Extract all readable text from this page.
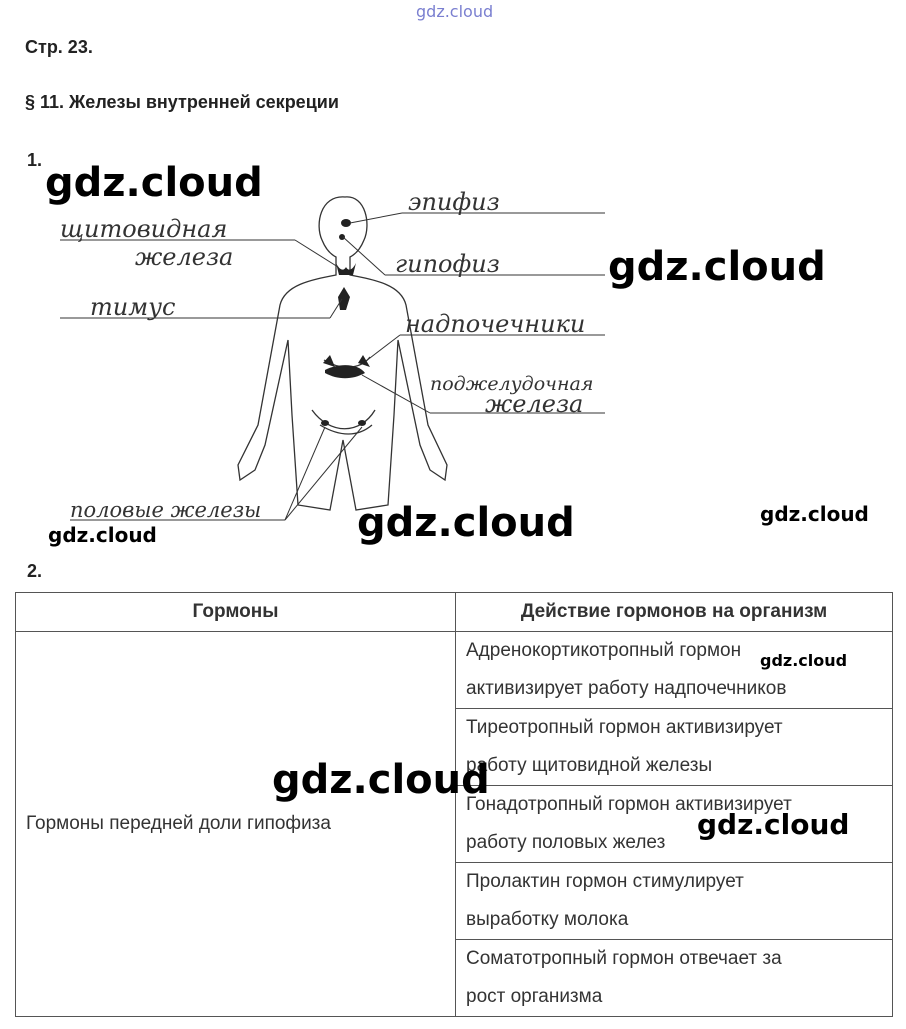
gdz.cloud
gdz.cloud
gdz.cloud
gdz.cloud	gdz.cloud
gdz.cloud
Стр. 23.
§ 11. Железы внутренней секреции
1.
эпифиз
щитовидная
железа	гипофиз
тимус
надпочечники
поджелудочная
железа
половые железы
2.
Гормоны	Действие гормонов на организм
Гормоны передней доли гипофиза	Адренокортикотропный гормон
активизирует работу надпочечников

	Тиреотропный гормон активизирует
работу щитовидной железы

	Гонадотропный гормон активизирует
работу половых желез

	Пролактин гормон стимулирует
выработку молока

	Соматотропный гормон отвечает за
рост организма
gdz.cloud
gdz.cloud
gdz.cloud
